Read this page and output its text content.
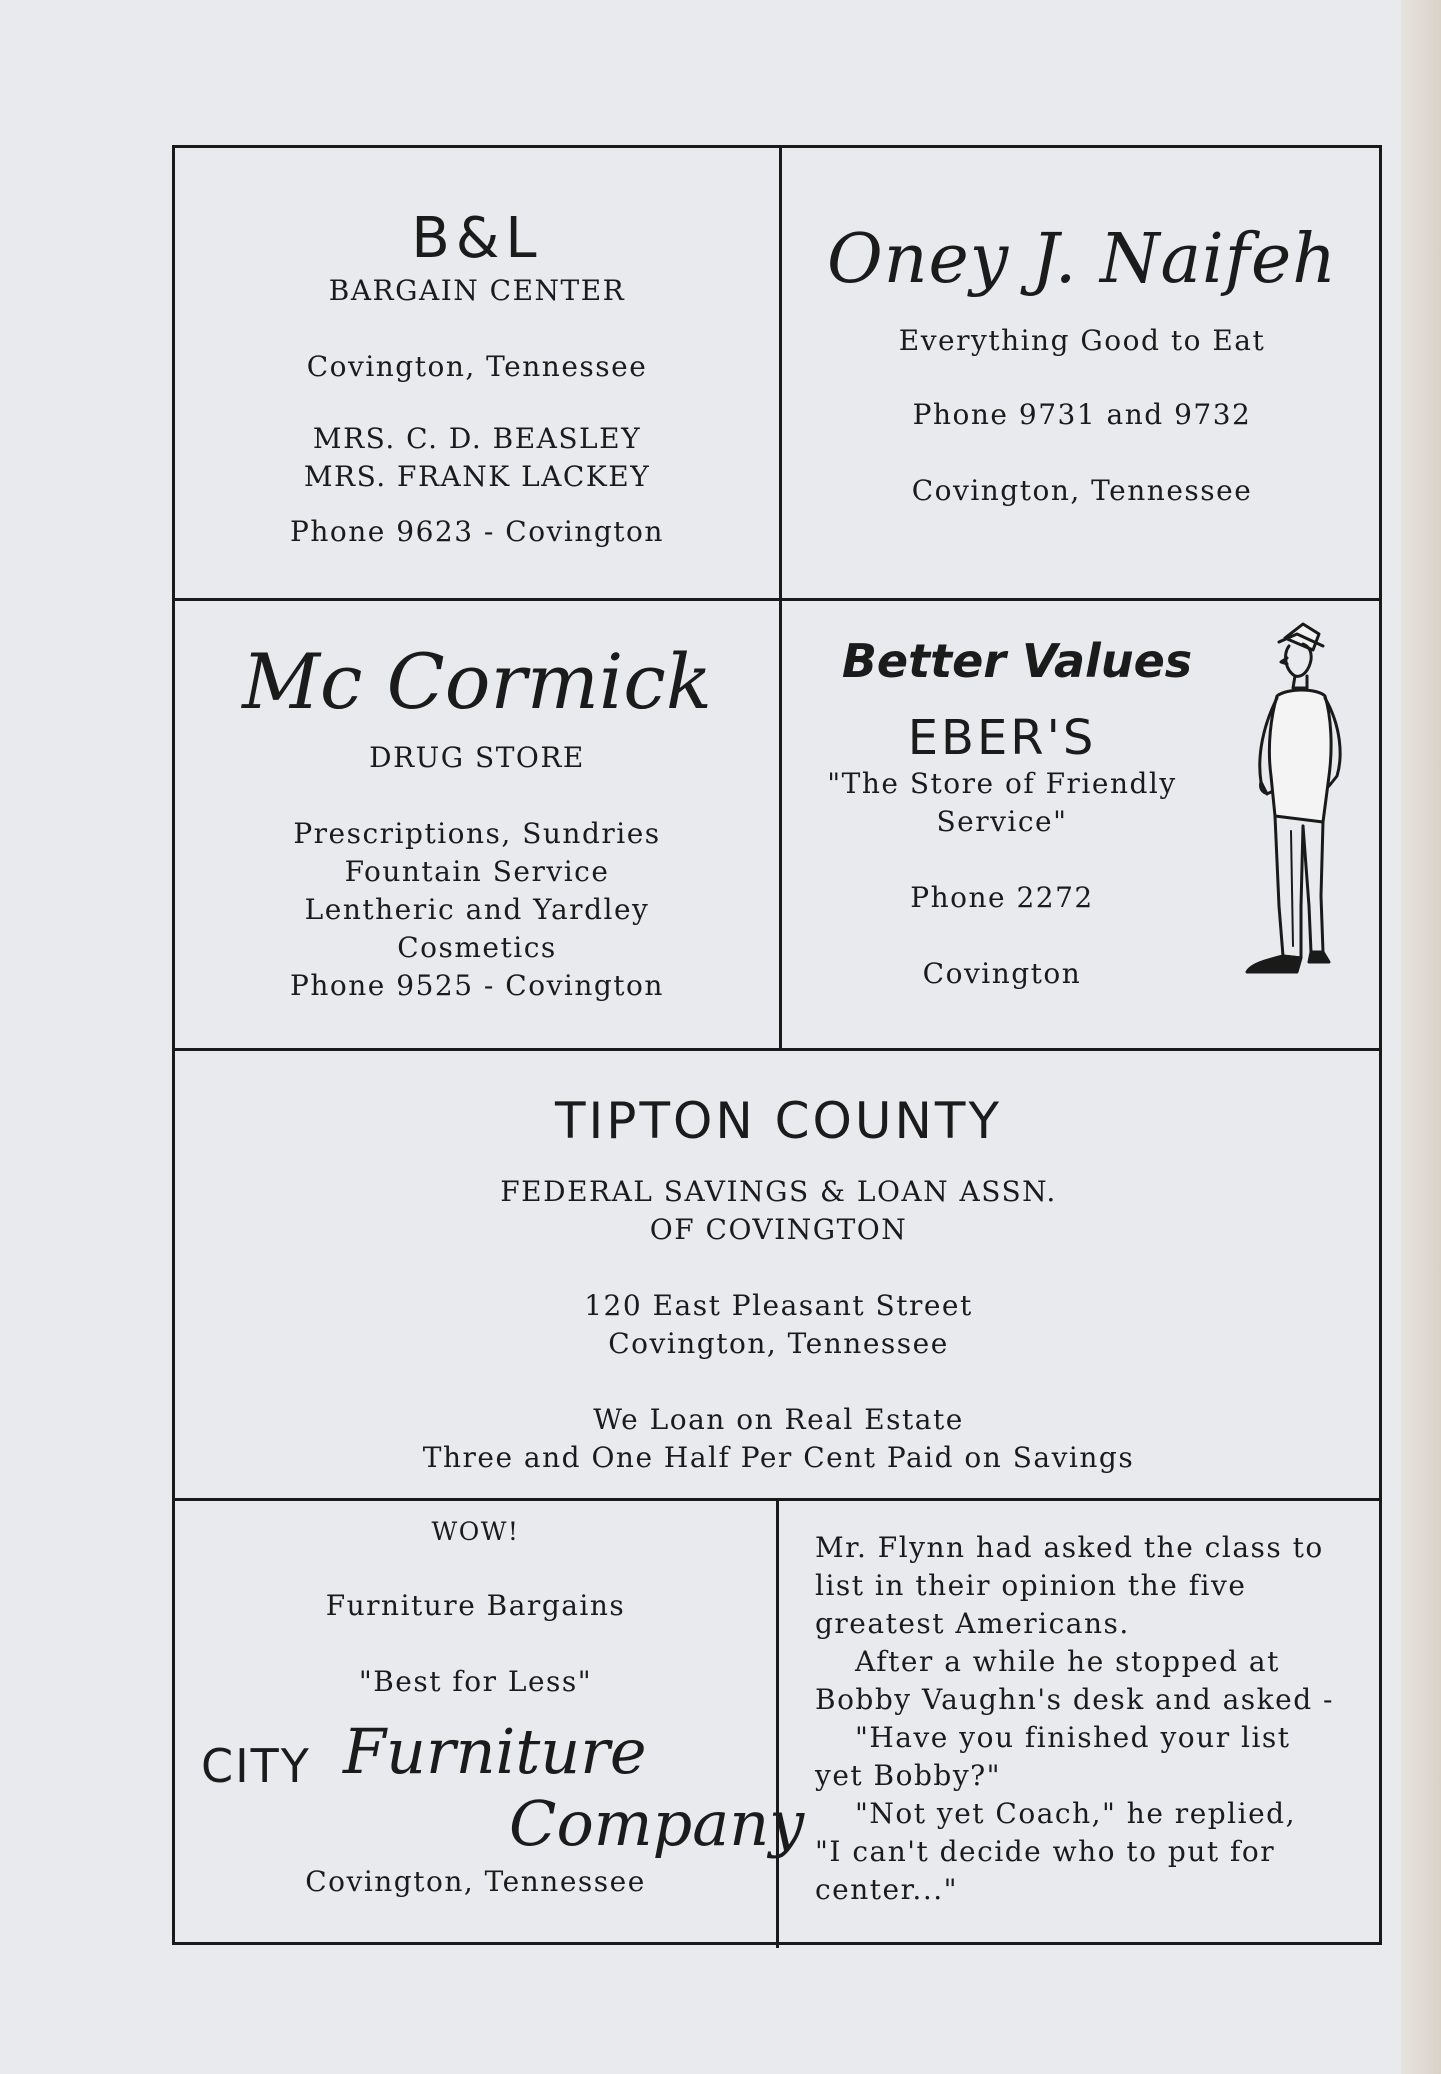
B&L
BARGAIN CENTER
Covington, Tennessee
MRS. C. D. BEASLEY
MRS. FRANK LACKEY
Phone 9623 - Covington
Oney J. Naifeh
Everything Good to Eat
Phone 9731 and 9732
Covington, Tennessee
Mc Cormick
DRUG STORE
Prescriptions, Sundries
Fountain Service
Lentheric and Yardley
Cosmetics
Phone 9525 - Covington
Better Values
EBER'S
"The Store of Friendly
Service"
Phone 2272
Covington
TIPTON COUNTY
FEDERAL SAVINGS & LOAN ASSN.
OF COVINGTON
120 East Pleasant Street
Covington, Tennessee
We Loan on Real Estate
Three and One Half Per Cent Paid on Savings
WOW!
Furniture Bargains
"Best for Less"
CITY Furniture
Company
Covington, Tennessee
Mr. Flynn had asked the class to
list in their opinion the five
greatest Americans.
After a while he stopped at
Bobby Vaughn's desk and asked -
"Have you finished your list
yet Bobby?"
"Not yet Coach," he replied,
"I can't decide who to put for
center..."
